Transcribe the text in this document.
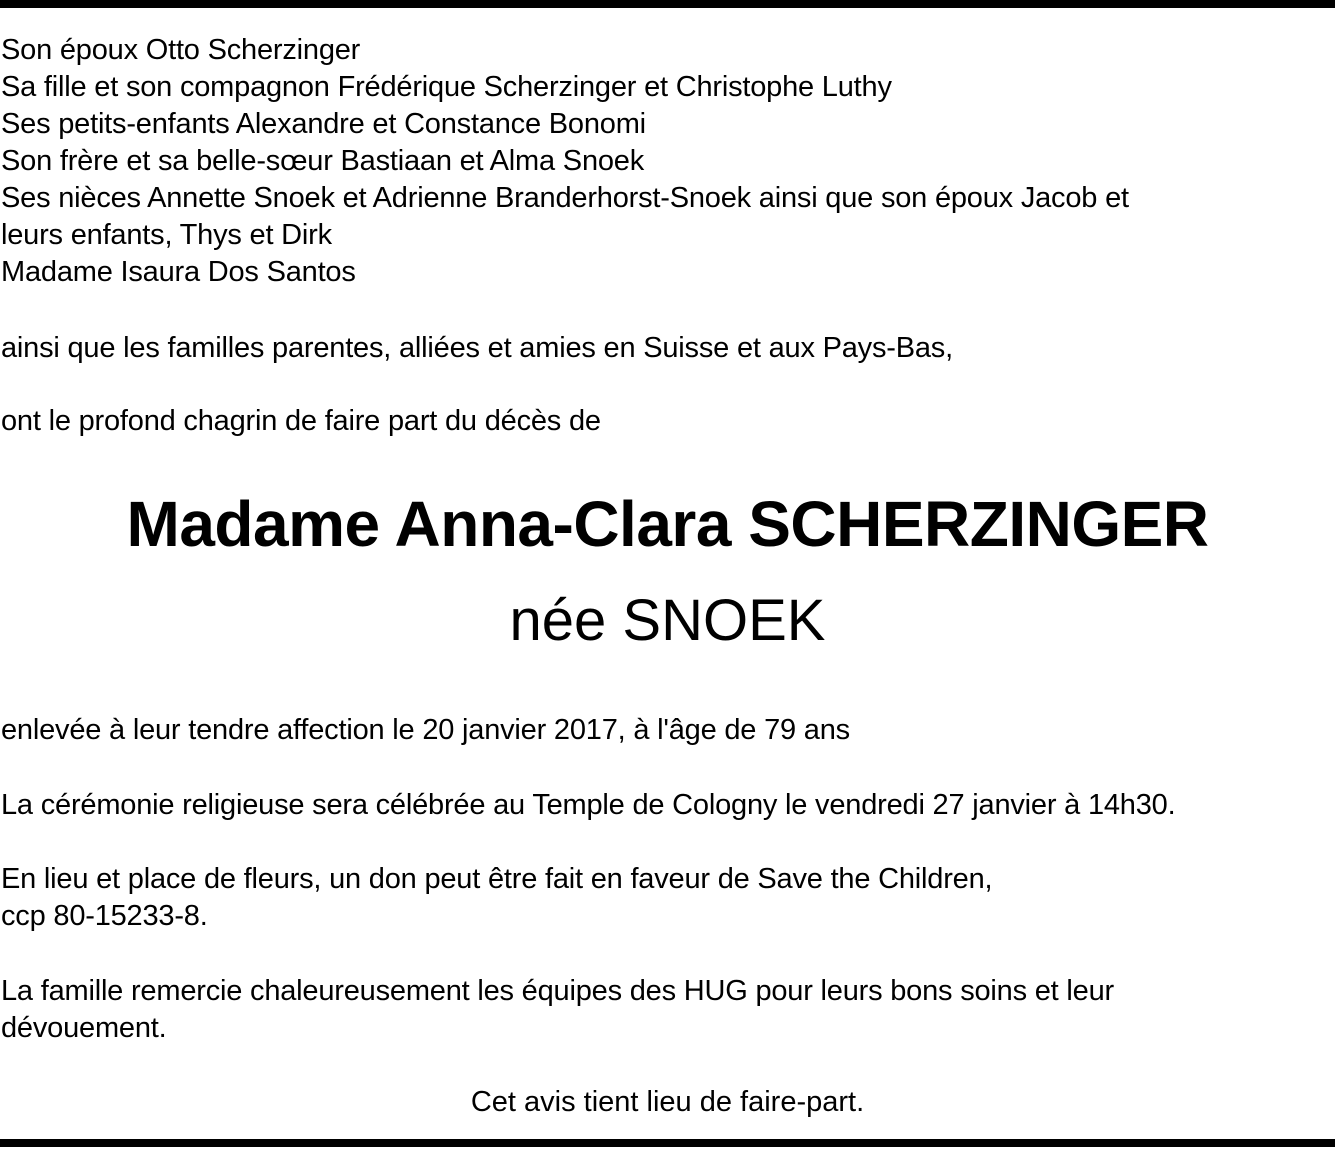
Son époux Otto Scherzinger
Sa fille et son compagnon Frédérique Scherzinger et Christophe Luthy
Ses petits-enfants Alexandre et Constance Bonomi
Son frère et sa belle-sœur Bastiaan et Alma Snoek
Ses nièces Annette Snoek et Adrienne Branderhorst-Snoek ainsi que son époux Jacob et
leurs enfants, Thys et Dirk
Madame Isaura Dos Santos

ainsi que les familles parentes, alliées et amies en Suisse et aux Pays-Bas,

ont le profond chagrin de faire part du décès de

Madame Anna-Clara SCHERZINGER
née SNOEK

enlevée à leur tendre affection le 20 janvier 2017, à l'âge de 79 ans

La cérémonie religieuse sera célébrée au Temple de Cologny le vendredi 27 janvier à 14h30.

En lieu et place de fleurs, un don peut être fait en faveur de Save the Children,

ccp 80-15233-8.

La famille remercie chaleureusement les équipes des HUG pour leurs bons soins et leur

dévouement.

Cet avis tient lieu de faire-part.
